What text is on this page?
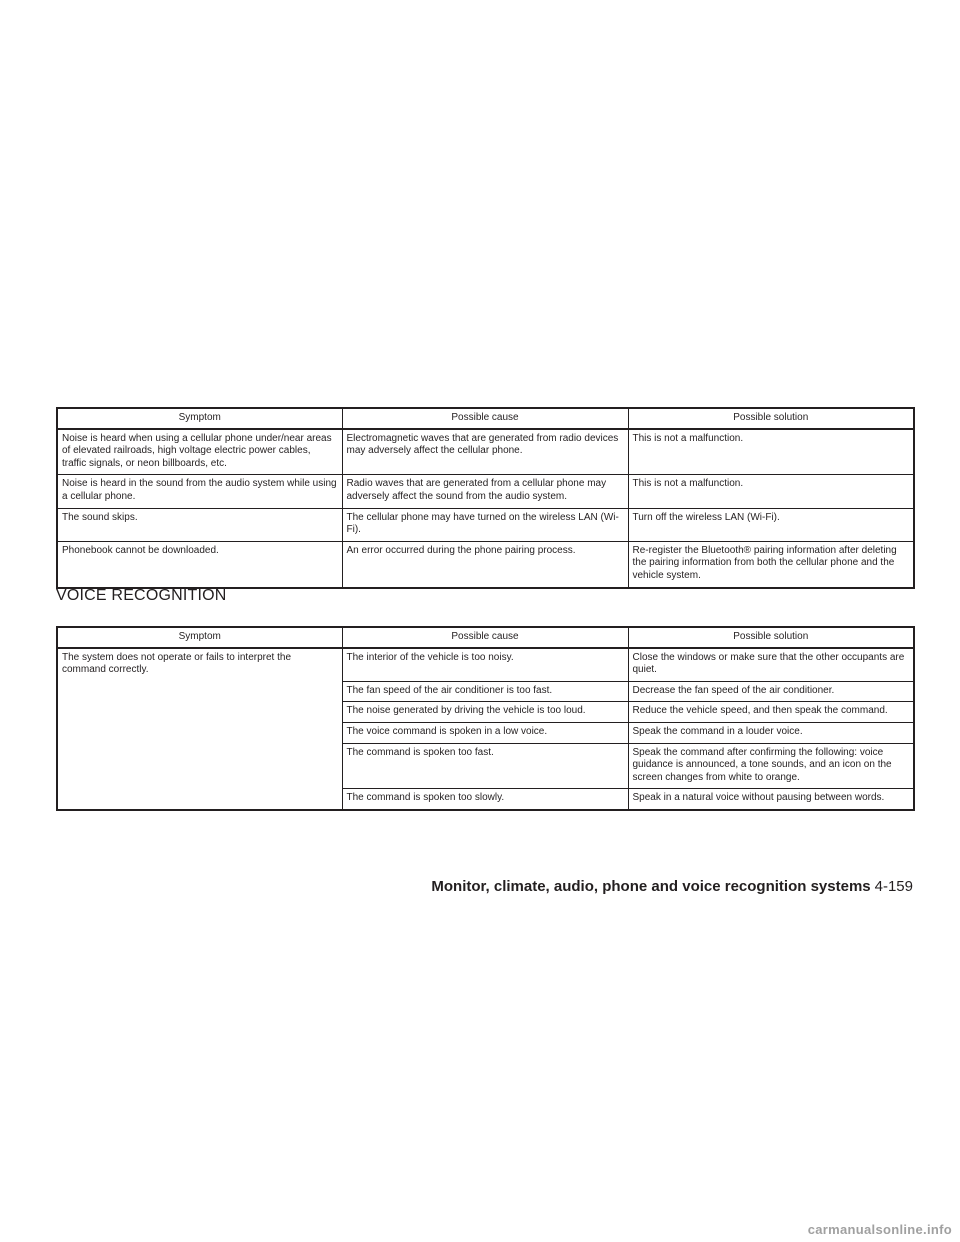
Symptom	Possible cause	Possible solution
Noise is heard when using a cellular phone under/near areas of elevated railroads, high voltage electric power cables, traffic signals, or neon billboards, etc.	Electromagnetic waves that are generated from radio devices may adversely affect the cellular phone.	This is not a malfunction.
Noise is heard in the sound from the audio system while using a cellular phone.	Radio waves that are generated from a cellular phone may adversely affect the sound from the audio system.	This is not a malfunction.
The sound skips.	The cellular phone may have turned on the wireless LAN (Wi-Fi).	Turn off the wireless LAN (Wi-Fi).
Phonebook cannot be downloaded.	An error occurred during the phone pairing process.	Re-register the Bluetooth® pairing information after deleting the pairing information from both the cellular phone and the vehicle system.
VOICE RECOGNITION
Symptom	Possible cause	Possible solution
The system does not operate or fails to interpret the command correctly.	The interior of the vehicle is too noisy.	Close the windows or make sure that the other occupants are quiet.
	The fan speed of the air conditioner is too fast.	Decrease the fan speed of the air conditioner.
	The noise generated by driving the vehicle is too loud.	Reduce the vehicle speed, and then speak the command.
	The voice command is spoken in a low voice.	Speak the command in a louder voice.
	The command is spoken too fast.	Speak the command after confirming the following: voice guidance is announced, a tone sounds, and an icon on the screen changes from white to orange.
	The command is spoken too slowly.	Speak in a natural voice without pausing between words.
Monitor, climate, audio, phone and voice recognition systems 4-159
carmanualsonline.info
